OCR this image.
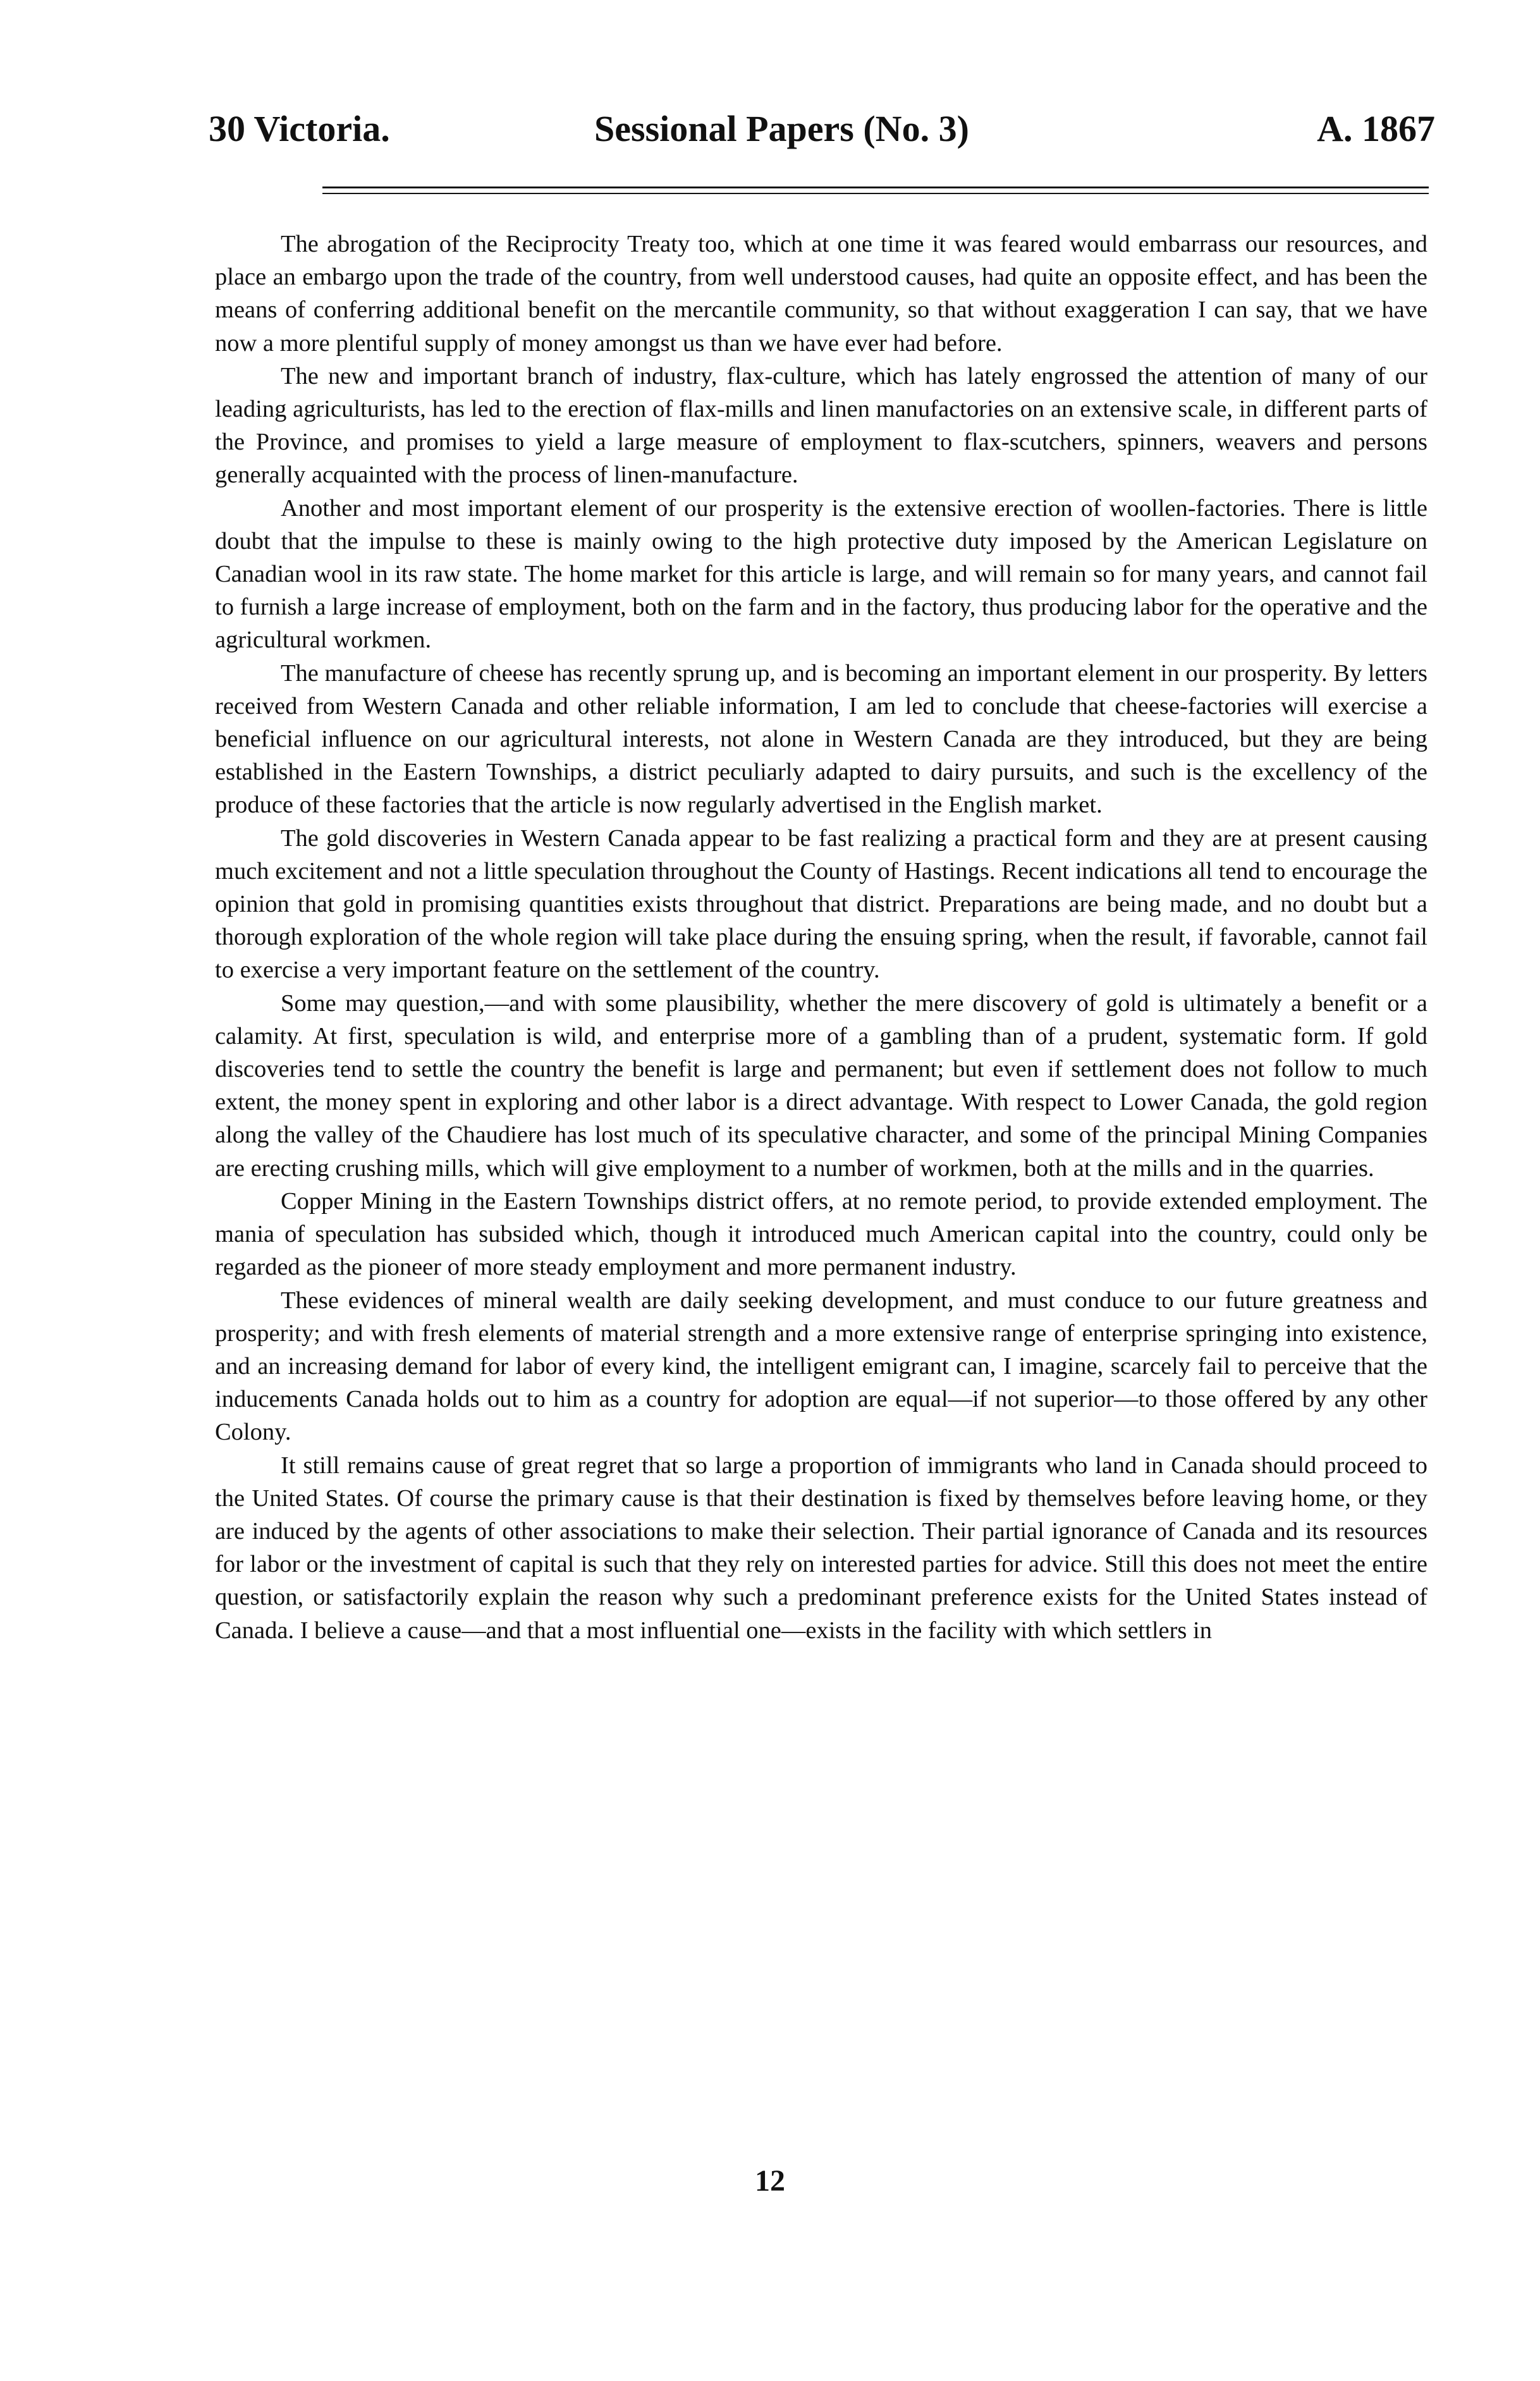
30 Victoria.	Sessional Papers (No. 3)	A. 1867

The abrogation of the Reciprocity Treaty too, which at one time it was feared would embarrass our resources, and place an embargo upon the trade of the country, from well understood causes, had quite an opposite effect, and has been the means of conferring additional benefit on the mercantile community, so that without exaggeration I can say, that we have now a more plentiful supply of money amongst us than we have ever had before.

The new and important branch of industry, flax-culture, which has lately engrossed the attention of many of our leading agriculturists, has led to the erection of flax-mills and linen manufactories on an extensive scale, in different parts of the Province, and promises to yield a large measure of employment to flax-scutchers, spinners, weavers and persons generally acquainted with the process of linen-manufacture.

Another and most important element of our prosperity is the extensive erection of woollen-factories. There is little doubt that the impulse to these is mainly owing to the high protective duty imposed by the American Legislature on Canadian wool in its raw state. The home market for this article is large, and will remain so for many years, and cannot fail to furnish a large increase of employment, both on the farm and in the factory, thus producing labor for the operative and the agricultural workmen.

The manufacture of cheese has recently sprung up, and is becoming an important element in our prosperity. By letters received from Western Canada and other reliable information, I am led to conclude that cheese-factories will exercise a beneficial influence on our agricultural interests, not alone in Western Canada are they introduced, but they are being established in the Eastern Townships, a district peculiarly adapted to dairy pursuits, and such is the excellency of the produce of these factories that the article is now regularly advertised in the English market.

The gold discoveries in Western Canada appear to be fast realizing a practical form and they are at present causing much excitement and not a little speculation throughout the County of Hastings. Recent indications all tend to encourage the opinion that gold in promising quantities exists throughout that district. Preparations are being made, and no doubt but a thorough exploration of the whole region will take place during the ensuing spring, when the result, if favorable, cannot fail to exercise a very important feature on the settlement of the country.

Some may question,—and with some plausibility, whether the mere discovery of gold is ultimately a benefit or a calamity. At first, speculation is wild, and enterprise more of a gambling than of a prudent, systematic form. If gold discoveries tend to settle the country the benefit is large and permanent; but even if settlement does not follow to much extent, the money spent in exploring and other labor is a direct advantage. With respect to Lower Canada, the gold region along the valley of the Chaudiere has lost much of its speculative character, and some of the principal Mining Companies are erecting crushing mills, which will give employment to a number of workmen, both at the mills and in the quarries.

Copper Mining in the Eastern Townships district offers, at no remote period, to provide extended employment. The mania of speculation has subsided which, though it introduced much American capital into the country, could only be regarded as the pioneer of more steady employment and more permanent industry.

These evidences of mineral wealth are daily seeking development, and must conduce to our future greatness and prosperity; and with fresh elements of material strength and a more extensive range of enterprise springing into existence, and an increasing demand for labor of every kind, the intelligent emigrant can, I imagine, scarcely fail to perceive that the inducements Canada holds out to him as a country for adoption are equal—if not superior—to those offered by any other Colony.

It still remains cause of great regret that so large a proportion of immigrants who land in Canada should proceed to the United States. Of course the primary cause is that their destination is fixed by themselves before leaving home, or they are induced by the agents of other associations to make their selection. Their partial ignorance of Canada and its resources for labor or the investment of capital is such that they rely on interested parties for advice. Still this does not meet the entire question, or satisfactorily explain the reason why such a predominant preference exists for the United States instead of Canada. I believe a cause—and that a most influential one—exists in the facility with which settlers in

12
